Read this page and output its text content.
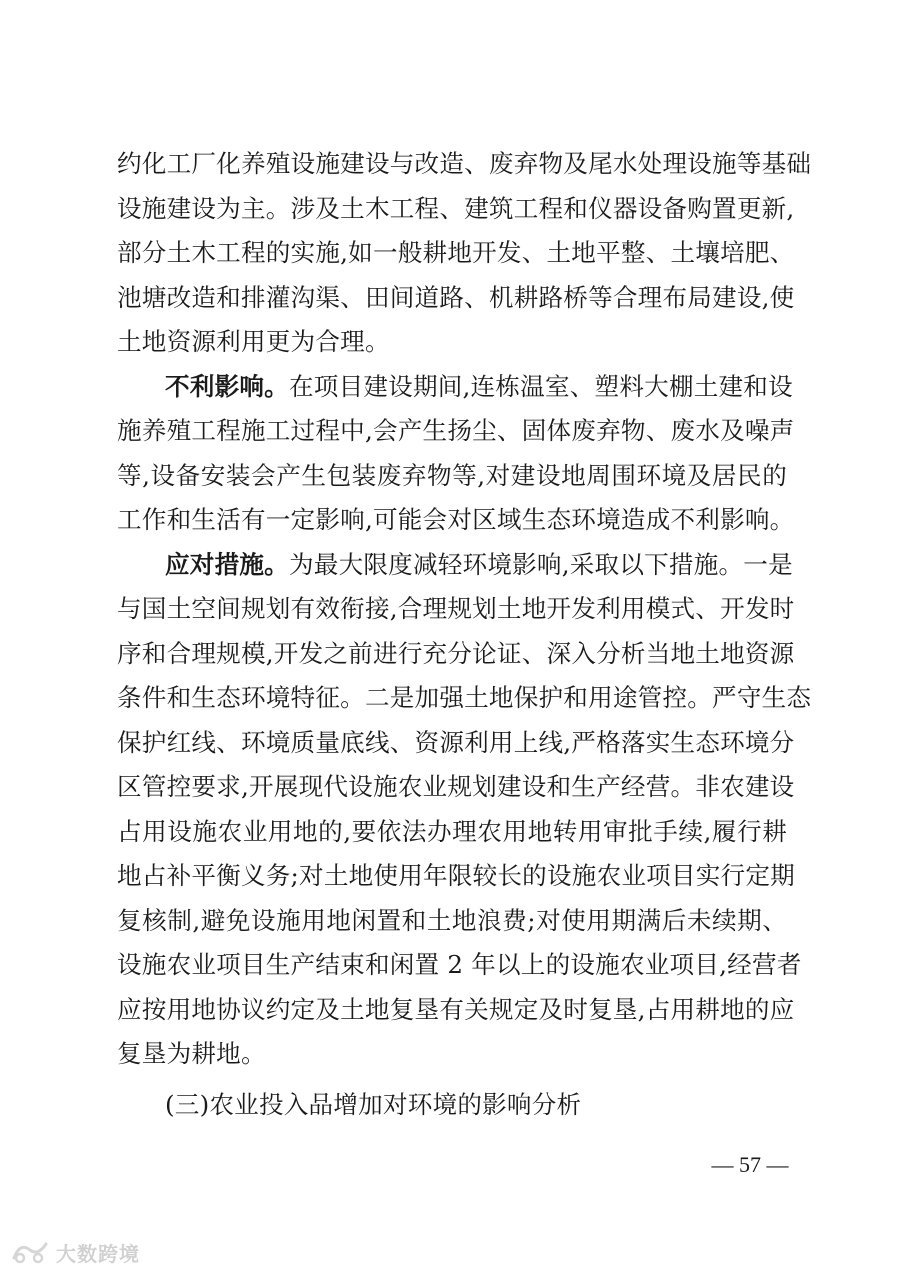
约化工厂化养殖设施建设与改造、废弃物及尾水处理设施等基础
设施建设为主。涉及土木工程、建筑工程和仪器设备购置更新,
部分土木工程的实施,如一般耕地开发、土地平整、土壤培肥、
池塘改造和排灌沟渠、田间道路、机耕路桥等合理布局建设,使
土地资源利用更为合理。
不利影响。在项目建设期间,连栋温室、塑料大棚土建和设
施养殖工程施工过程中,会产生扬尘、固体废弃物、废水及噪声
等,设备安装会产生包装废弃物等,对建设地周围环境及居民的
工作和生活有一定影响,可能会对区域生态环境造成不利影响。
应对措施。为最大限度减轻环境影响,采取以下措施。一是
与国土空间规划有效衔接,合理规划土地开发利用模式、开发时
序和合理规模,开发之前进行充分论证、深入分析当地土地资源
条件和生态环境特征。二是加强土地保护和用途管控。严守生态
保护红线、环境质量底线、资源利用上线,严格落实生态环境分
区管控要求,开展现代设施农业规划建设和生产经营。非农建设
占用设施农业用地的,要依法办理农用地转用审批手续,履行耕
地占补平衡义务;对土地使用年限较长的设施农业项目实行定期
复核制,避免设施用地闲置和土地浪费;对使用期满后未续期、
设施农业项目生产结束和闲置 2 年以上的设施农业项目,经营者
应按用地协议约定及土地复垦有关规定及时复垦,占用耕地的应
复垦为耕地。
(三)农业投入品增加对环境的影响分析
— 57 —
大数跨境
